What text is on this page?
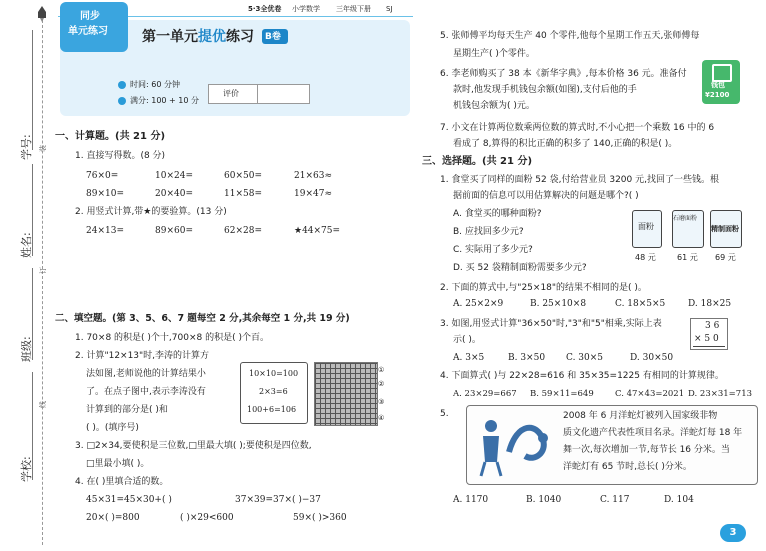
学号:
姓名:
班级:
学校:
装
订
线
5·3全优卷 小学数学 三年级下册 SJ
同步
单元练习 第一单元提优练习 B卷
时间: 60 分钟
满分: 100 + 10 分
评价
一、计算题。(共 21 分)
1. 直接写得数。(8 分)
76×0=	10×24=	60×50=	21×63≈
89×10=	20×40=	11×58=	19×47≈
2. 用竖式计算,带★的要验算。(13 分)
24×13=	89×60=	62×28=	★44×75=
二、填空题。(第 3、5、6、7 题每空 2 分,其余每空 1 分,共 19 分)
1. 70×8 的积是( )个十,700×8 的积是( )个百。
2. 计算"12×13"时,李涛的计算方
法如图,老师说他的计算结果小
了。在点子图中,表示李涛没有
计算到的部分是( )和
( )。(填序号)
10×10=100
2×3=6
100+6=106
①
②
③
④
3. □2×34,要使积是三位数,□里最大填( );要使积是四位数,
□里最小填( )。
4. 在( )里填合适的数。
45×31=45×30+( )	37×39=37×( )−37
20×( )=800	( )×29<600	59×( )>360
5. 张师傅平均每天生产 40 个零件,他每个星期工作五天,张师傅每
星期生产( )个零件。
6. 李老师购买了 38 本《新华字典》,每本价格 36 元。准备付
款时,他发现手机钱包余额(如图),支付后他的手
机钱包余额为( )元。
钱包
¥2100
7. 小文在计算两位数乘两位数的算式时,不小心把一个乘数 16 中的 6
看成了 8,算得的积比正确的积多了 140,正确的积是( )。
三、选择题。(共 21 分)
1. 食堂买了同样的面粉 52 袋,付给营业员 3200 元,找回了一些钱。根
据前面的信息可以用估算解决的问题是哪个?( )
A. 食堂买的哪种面粉?
B. 应找回多少元?
C. 实际用了多少元?
D. 买 52 袋精制面粉需要多少元?
面粉
石磨面粉
精制面粉
48 元	61 元 69 元
2. 下面的算式中,与"25×18"的结果不相同的是( )。
A. 25×2×9	B. 25×10×8	C. 18×5×5	D. 18×25
3. 如图,用竖式计算"36×50"时,"3"和"5"相乘,实际上表
示( )。
3 6
× 5 0
A. 3×5	B. 3×50 C. 30×5	D. 30×50
4. 下面算式( )与 22×28=616 和 35×35=1225 有相同的计算规律。
A. 23×29=667 B. 59×11=649	C. 47×43=2021 D. 23×31=713
5.	2008 年 6 月洋蛇灯被列入国家级非物
质文化遗产代表性项目名录。洋蛇灯每 18 年
舞一次,每次增加一节,每节长 16 分米。当
洋蛇灯有 65 节时,总长( )分米。
A. 1170	B. 1040	C. 117	D. 104
3
